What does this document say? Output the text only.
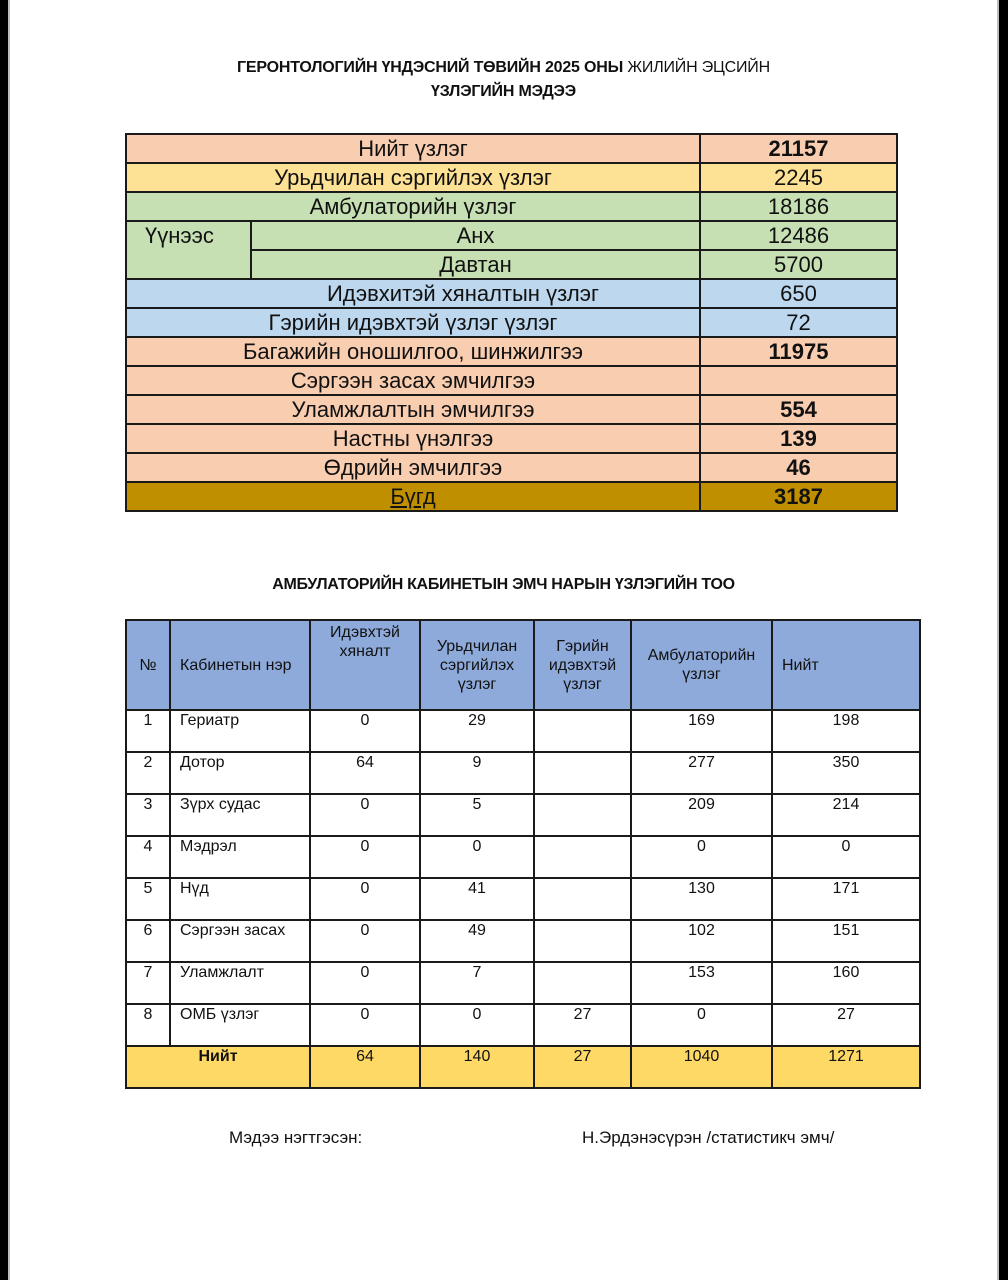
ГЕРОНТОЛОГИЙН ҮНДЭСНИЙ ТӨВИЙН 2025 ОНЫ ЖИЛИЙН ЭЦСИЙН
ҮЗЛЭГИЙН МЭДЭЭ
Нийт үзлэг		21157
Урьдчилан сэргийлэх үзлэг		2245
Амбулаторийн үзлэг		18186
Үүнээс	Анх	12486
	Давтан	5700
Идэвхитэй хяналтын үзлэг		650
Гэрийн идэвхтэй үзлэг үзлэг		72
Багажийн оношилгоо, шинжилгээ		11975
Сэргээн засах эмчилгээ		
Уламжлалтын эмчилгээ		554
Настны үнэлгээ		139
Өдрийн эмчилгээ		46
Бүгд		3187
АМБУЛАТОРИЙН КАБИНЕТЫН ЭМЧ НАРЫН ҮЗЛЭГИЙН ТОО
№	Кабинетын нэр	Идэвхтэй хяналт	Урьдчилан сэргийлэх үзлэг	Гэрийн идэвхтэй үзлэг	Амбулаторийн үзлэг	Нийт
1	Гериатр	0	29		169	198
2	Дотор	64	9		277	350
3	Зүрх судас	0	5		209	214
4	Мэдрэл	0	0		0	0
5	Нүд	0	41		130	171
6	Сэргээн засах	0	49		102	151
7	Уламжлалт	0	7		153	160
8	ОМБ үзлэг	0	0	27	0	27
Нийт		64	140	27	1040	1271
Мэдээ нэгтгэсэн:	Н.Эрдэнэсүрэн /статистикч эмч/
